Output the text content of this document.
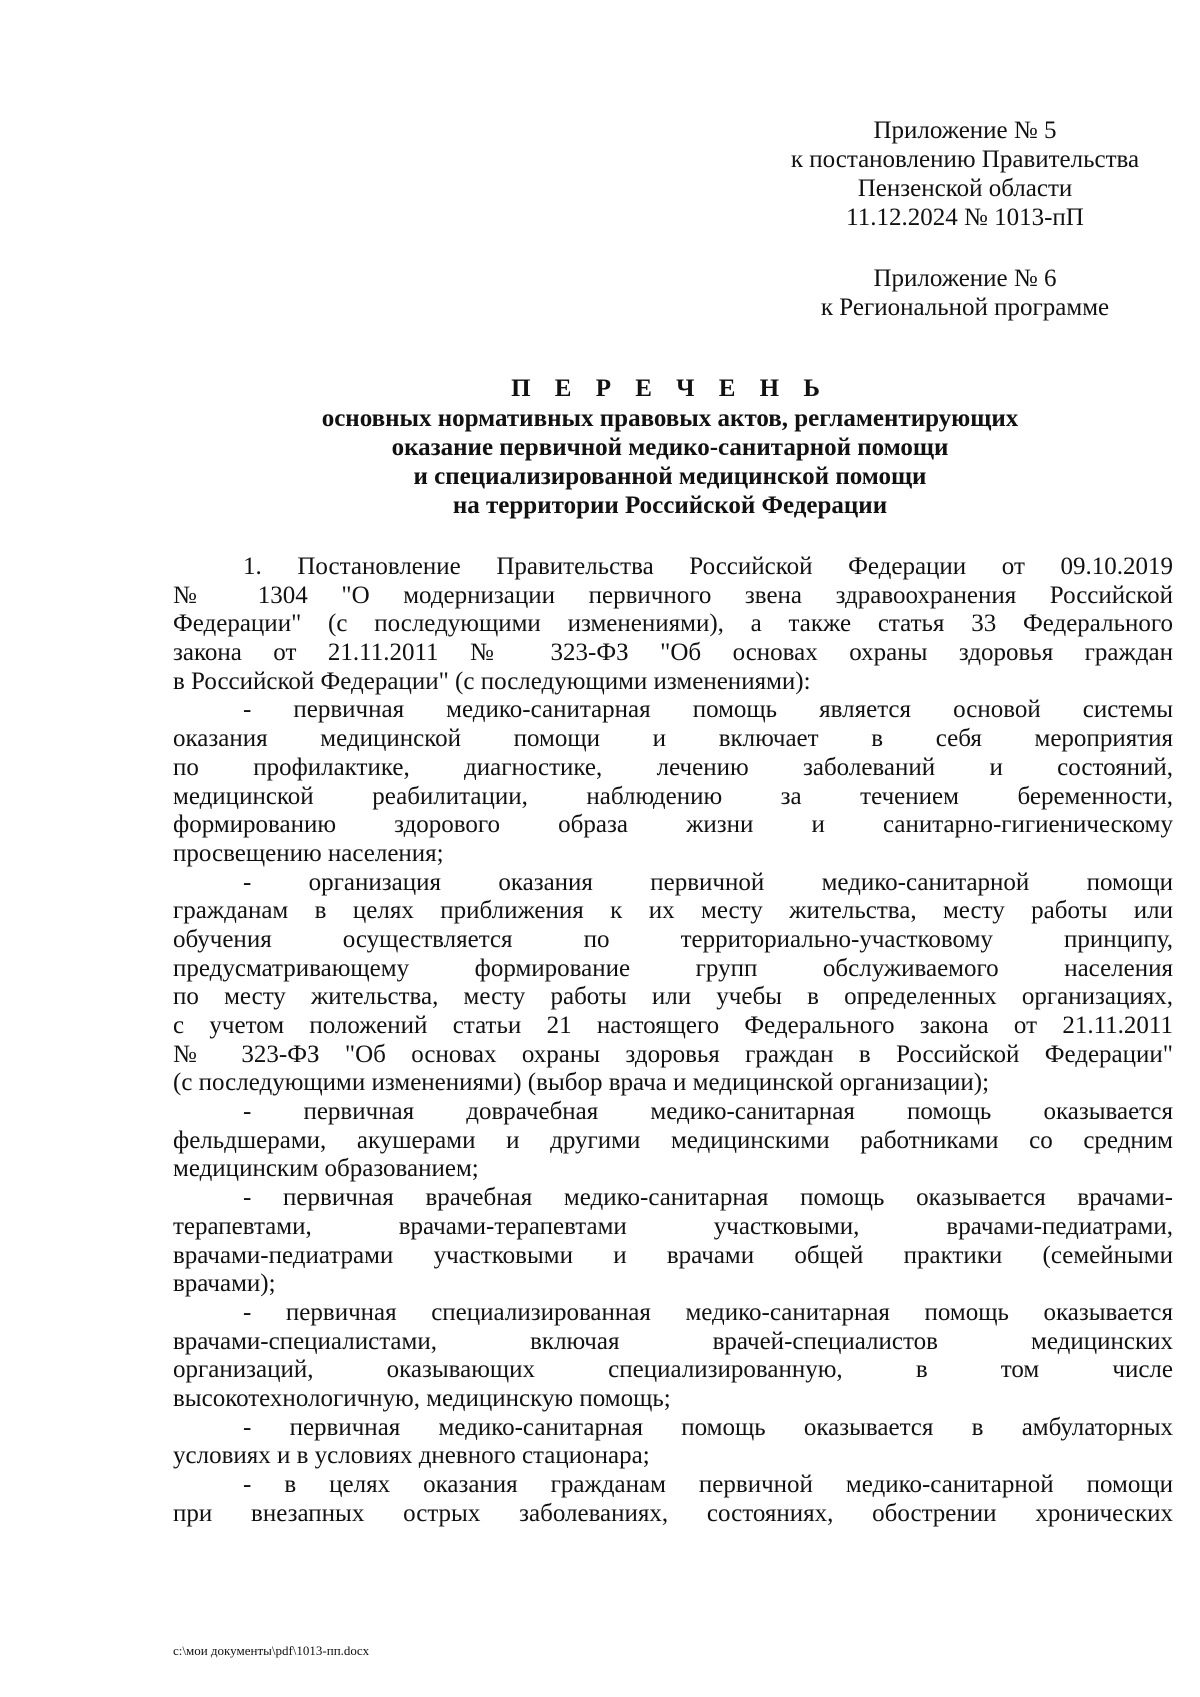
Приложение № 5
к постановлению Правительства
Пензенской области
11.12.2024 № 1013-пП
Приложение № 6
к Региональной программе
П Е Р Е Ч Е Н Ь
основных нормативных правовых актов, регламентирующих
оказание первичной медико-санитарной помощи
и специализированной медицинской помощи
на территории Российской Федерации
1. Постановление Правительства Российской Федерации от 09.10.2019
№ 1304 "О модернизации первичного звена здравоохранения Российской
Федерации" (с последующими изменениями), а также статья 33 Федерального
закона от 21.11.2011 № 323-ФЗ "Об основах охраны здоровья граждан
в Российской Федерации" (с последующими изменениями):
- первичная медико-санитарная помощь является основой системы
оказания медицинской помощи и включает в себя мероприятия
по профилактике, диагностике, лечению заболеваний и состояний,
медицинской реабилитации, наблюдению за течением беременности,
формированию здорового образа жизни и санитарно-гигиеническому
просвещению населения;
- организация оказания первичной медико-санитарной помощи
гражданам в целях приближения к их месту жительства, месту работы или
обучения осуществляется по территориально-участковому принципу,
предусматривающему формирование групп обслуживаемого населения
по месту жительства, месту работы или учебы в определенных организациях,
с учетом положений статьи 21 настоящего Федерального закона от 21.11.2011
№ 323-ФЗ "Об основах охраны здоровья граждан в Российской Федерации"
(с последующими изменениями) (выбор врача и медицинской организации);
- первичная доврачебная медико-санитарная помощь оказывается
фельдшерами, акушерами и другими медицинскими работниками со средним
медицинским образованием;
- первичная врачебная медико-санитарная помощь оказывается врачами-
терапевтами, врачами-терапевтами участковыми, врачами-педиатрами,
врачами-педиатрами участковыми и врачами общей практики (семейными
врачами);
- первичная специализированная медико-санитарная помощь оказывается
врачами-специалистами, включая врачей-специалистов медицинских
организаций, оказывающих специализированную, в том числе
высокотехнологичную, медицинскую помощь;
- первичная медико-санитарная помощь оказывается в амбулаторных
условиях и в условиях дневного стационара;
- в целях оказания гражданам первичной медико-санитарной помощи
при внезапных острых заболеваниях, состояниях, обострении хронических
c:\мои документы\pdf\1013-пп.docx
